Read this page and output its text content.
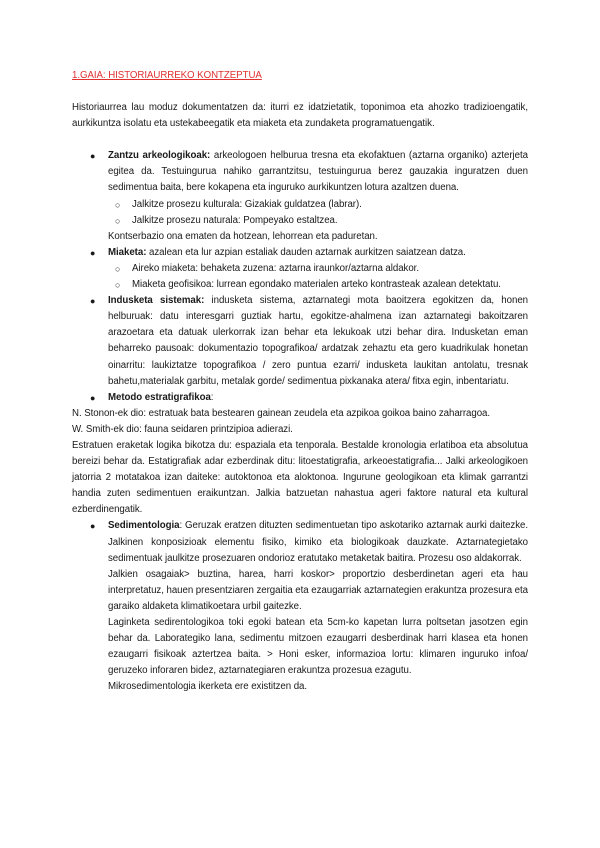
1.GAIA: HISTORIAURREKO KONTZEPTUA

Historiaurrea lau moduz dokumentatzen da: iturri ez idatzietatik, toponimoa eta ahozko tradizioengatik, aurkikuntza isolatu eta ustekabeegatik eta miaketa eta zundaketa programatuengatik.

● Zantzu arkeologikoak: arkeologoen helburua tresna eta ekofaktuen (aztarna organiko) azterjeta egitea da. Testuingurua nahiko garrantzitsu, testuingurua berez gauzakia inguratzen duen sedimentua baita, bere kokapena eta inguruko aurkikuntzen lotura azaltzen duena.

○ Jalkitze prosezu kulturala: Gizakiak guldatzea (labrar).
○ Jalkitze prosezu naturala: Pompeyako estaltzea.

Kontserbazio ona ematen da hotzean, lehorrean eta paduretan.

● Miaketa: azalean eta lur azpian estaliak dauden aztarnak aurkitzen saiatzean datza.

○ Aireko miaketa: behaketa zuzena: aztarna iraunkor/aztarna aldakor.
○ Miaketa geofisikoa: lurrean egondako materialen arteko kontrasteak azalean detektatu.

● Indusketa sistemak: indusketa sistema, aztarnategi mota baoitzera egokitzen da, honen helburuak: datu interesgarri guztiak hartu, egokitze-ahalmena izan aztarnategi bakoitzaren arazoetara eta datuak ulerkorrak izan behar eta lekukoak utzi behar dira. Indusketan eman beharreko pausoak: dokumentazio topografikoa/ ardatzak zehaztu eta gero kuadrikulak honetan oinarritu: laukiztatze topografikoa / zero puntua ezarri/ indusketa laukitan antolatu, tresnak bahetu,materialak garbitu, metalak gorde/ sedimentua pixkanaka atera/ fitxa egin, inbentariatu.

● Metodo estratigrafikoa:

N. Stonon-ek dio: estratuak bata bestearen gainean zeudela eta azpikoa goikoa baino zaharragoa.

W. Smith-ek dio: fauna seidaren printzipioa adierazi.

Estratuen eraketak logika bikotza du: espaziala eta tenporala. Bestalde kronologia erlatiboa eta absolutua bereizi behar da. Estatigrafiak adar ezberdinak ditu: litoestatigrafia, arkeoestatigrafia... Jalki arkeologikoen jatorria 2 motatakoa izan daiteke: autoktonoa eta aloktonoa. Ingurune geologikoan eta klimak garrantzi handia zuten sedimentuen eraikuntzan. Jalkia batzuetan nahastua ageri faktore natural eta kultural ezberdinengatik.

● Sedimentologia: Geruzak eratzen dituzten sedimentuetan tipo askotariko aztarnak aurki daitezke. Jalkinen konposizioak elementu fisiko, kimiko eta biologikoak dauzkate. Aztarnategietako sedimentuak jaulkitze prosezuaren ondorioz eratutako metaketak baitira. Prozesu oso aldakorrak.

Jalkien osagaiak> buztina, harea, harri koskor> proportzio desberdinetan ageri eta hau interpretatuz, hauen presentziaren zergaitia eta ezaugarriak aztarnategien erakuntza prozesura eta garaiko aldaketa klimatikoetara urbil gaitezke.

Laginketa sedirentologikoa toki egoki batean eta 5cm-ko kapetan lurra poltsetan jasotzen egin behar da. Laborategiko lana, sedimentu mitzoen ezaugarri desberdinak harri klasea eta honen ezaugarri fisikoak aztertzea baita. > Honi esker, informazioa lortu: klimaren inguruko infoa/ geruzeko inforaren bidez, aztarnategiaren erakuntza prozesua ezagutu.

Mikrosedimentologia ikerketa ere existitzen da.
